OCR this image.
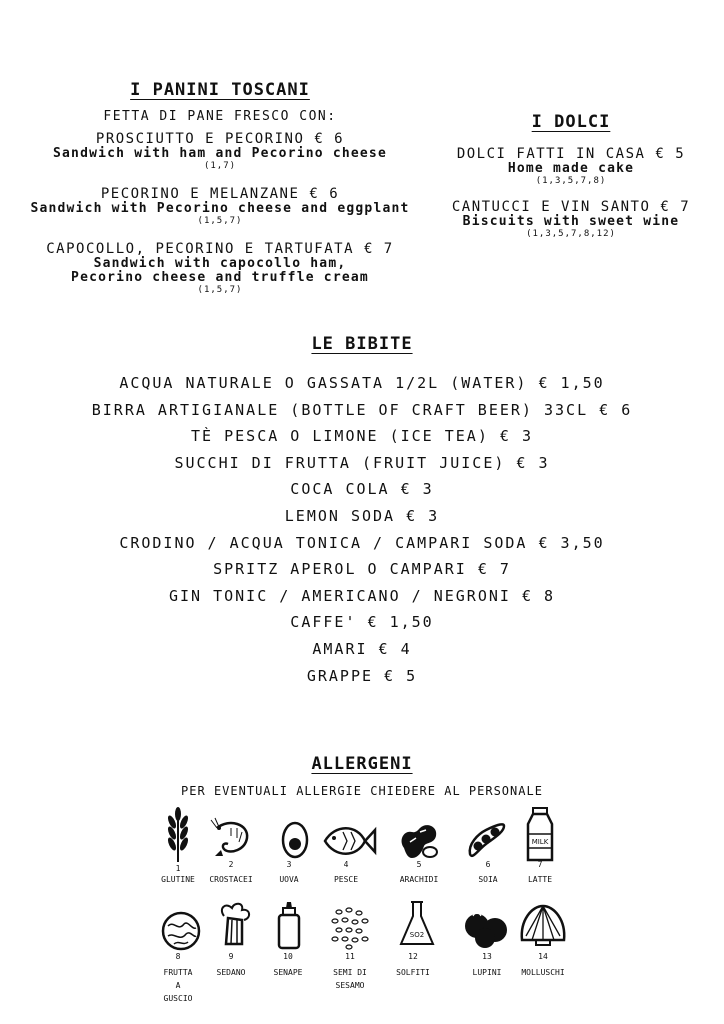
I PANINI TOSCANI
FETTA DI PANE FRESCO CON:
PROSCIUTTO E PECORINO € 6
Sandwich with ham and Pecorino cheese
(1,7)
PECORINO E MELANZANE € 6
Sandwich with Pecorino cheese and eggplant
(1,5,7)
CAPOCOLLO, PECORINO E TARTUFATA € 7
Sandwich with capocollo ham,
Pecorino cheese and truffle cream
(1,5,7)
I DOLCI
DOLCI FATTI IN CASA € 5
Home made cake
(1,3,5,7,8)
CANTUCCI E VIN SANTO € 7
Biscuits with sweet wine
(1,3,5,7,8,12)
LE BIBITE
ACQUA NATURALE O GASSATA 1/2L (WATER) € 1,50
BIRRA ARTIGIANALE (BOTTLE OF CRAFT BEER) 33CL € 6
TÈ PESCA O LIMONE (ICE TEA) € 3
SUCCHI DI FRUTTA (FRUIT JUICE) € 3
COCA COLA € 3
LEMON SODA € 3
CRODINO / ACQUA TONICA / CAMPARI SODA € 3,50
SPRITZ APEROL O CAMPARI € 7
GIN TONIC / AMERICANO / NEGRONI € 8
CAFFE' € 1,50
AMARI € 4
GRAPPE € 5
ALLERGENI
PER EVENTUALI ALLERGIE CHIEDERE AL PERSONALE
MILK
SO2
1
GLUTINE
2
CROSTACEI
3
UOVA
4
PESCE
5
ARACHIDI
6
SOIA
7
LATTE
8
FRUTTA A GUSCIO
9
SEDANO
10
SENAPE
11
SEMI DI SESAMO
12
SOLFITI
13
LUPINI
14
MOLLUSCHI
